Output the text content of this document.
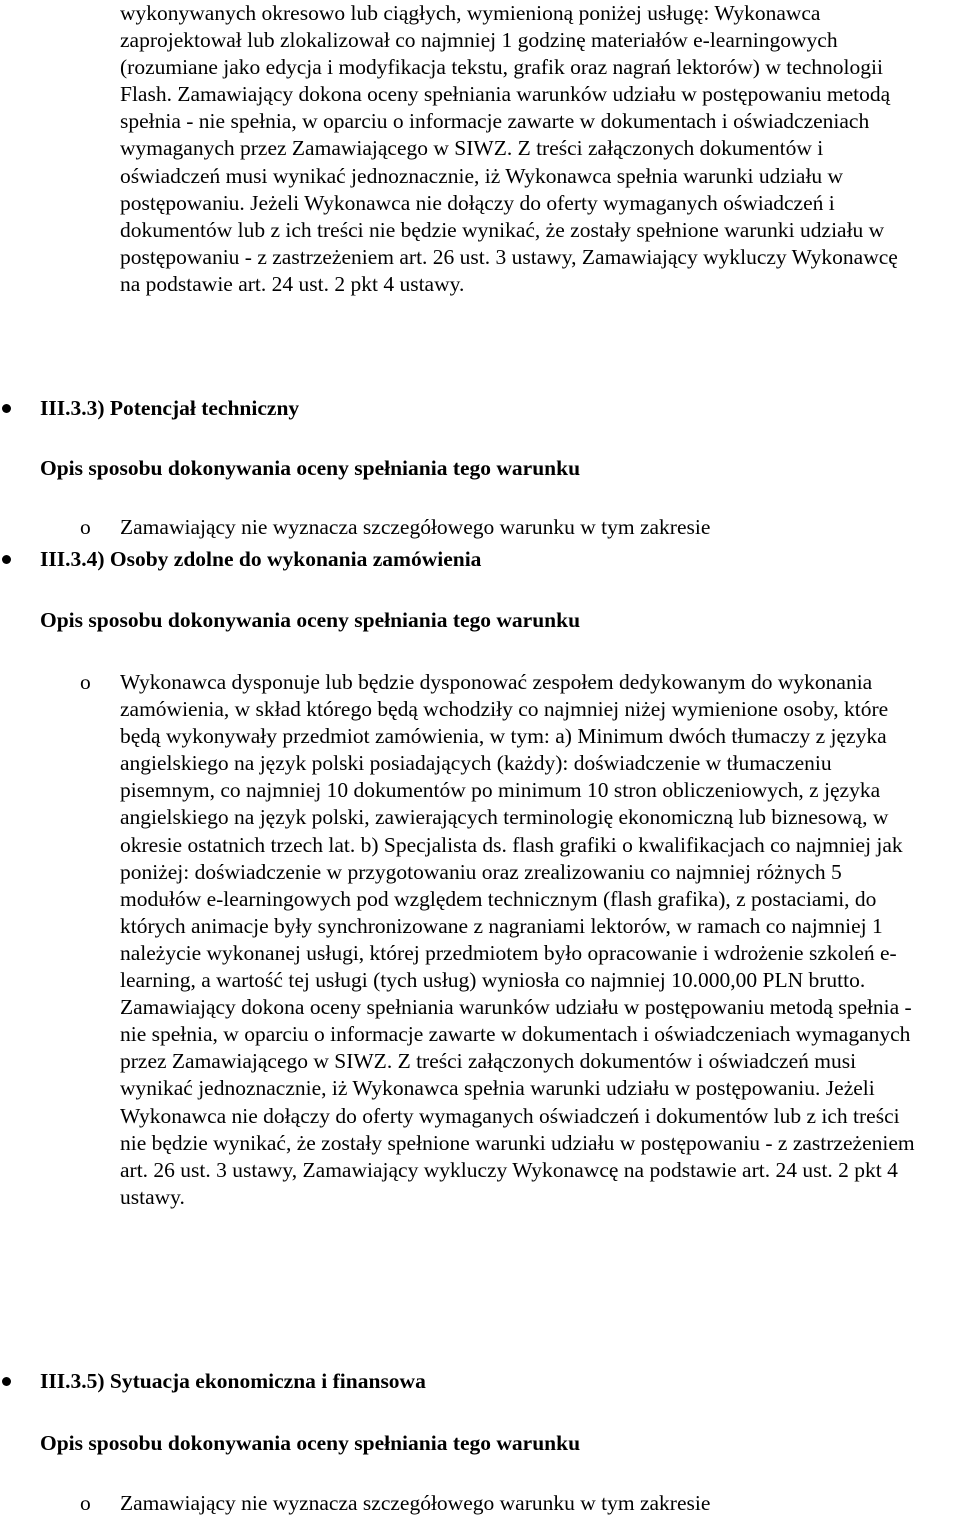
wykonywanych okresowo lub ciągłych, wymienioną poniżej usługę: Wykonawca zaprojektował lub zlokalizował co najmniej 1 godzinę materiałów e-learningowych (rozumiane jako edycja i modyfikacja tekstu, grafik oraz nagrań lektorów) w technologii Flash. Zamawiający dokona oceny spełniania warunków udziału w postępowaniu metodą spełnia - nie spełnia, w oparciu o informacje zawarte w dokumentach i oświadczeniach wymaganych przez Zamawiającego w SIWZ. Z treści załączonych dokumentów i oświadczeń musi wynikać jednoznacznie, iż Wykonawca spełnia warunki udziału w postępowaniu. Jeżeli Wykonawca nie dołączy do oferty wymaganych oświadczeń i dokumentów lub z ich treści nie będzie wynikać, że zostały spełnione warunki udziału w postępowaniu - z zastrzeżeniem art. 26 ust. 3 ustawy, Zamawiający wykluczy Wykonawcę na podstawie art. 24 ust. 2 pkt 4 ustawy.
III.3.3) Potencjał techniczny
Opis sposobu dokonywania oceny spełniania tego warunku
o Zamawiający nie wyznacza szczegółowego warunku w tym zakresie
III.3.4) Osoby zdolne do wykonania zamówienia
Opis sposobu dokonywania oceny spełniania tego warunku
o Wykonawca dysponuje lub będzie dysponować zespołem dedykowanym do wykonania zamówienia, w skład którego będą wchodziły co najmniej niżej wymienione osoby, które będą wykonywały przedmiot zamówienia, w tym: a) Minimum dwóch tłumaczy z języka angielskiego na język polski posiadających (każdy): doświadczenie w tłumaczeniu pisemnym, co najmniej 10 dokumentów po minimum 10 stron obliczeniowych, z języka angielskiego na język polski, zawierających terminologię ekonomiczną lub biznesową, w okresie ostatnich trzech lat. b) Specjalista ds. flash grafiki o kwalifikacjach co najmniej jak poniżej: doświadczenie w przygotowaniu oraz zrealizowaniu co najmniej różnych 5 modułów e-learningowych pod względem technicznym (flash grafika), z postaciami, do których animacje były synchronizowane z nagraniami lektorów, w ramach co najmniej 1 należycie wykonanej usługi, której przedmiotem było opracowanie i wdrożenie szkoleń e-learning, a wartość tej usługi (tych usług) wyniosła co najmniej 10.000,00 PLN brutto. Zamawiający dokona oceny spełniania warunków udziału w postępowaniu metodą spełnia - nie spełnia, w oparciu o informacje zawarte w dokumentach i oświadczeniach wymaganych przez Zamawiającego w SIWZ. Z treści załączonych dokumentów i oświadczeń musi wynikać jednoznacznie, iż Wykonawca spełnia warunki udziału w postępowaniu. Jeżeli Wykonawca nie dołączy do oferty wymaganych oświadczeń i dokumentów lub z ich treści nie będzie wynikać, że zostały spełnione warunki udziału w postępowaniu - z zastrzeżeniem art. 26 ust. 3 ustawy, Zamawiający wykluczy Wykonawcę na podstawie art. 24 ust. 2 pkt 4 ustawy.
III.3.5) Sytuacja ekonomiczna i finansowa
Opis sposobu dokonywania oceny spełniania tego warunku
o Zamawiający nie wyznacza szczegółowego warunku w tym zakresie
